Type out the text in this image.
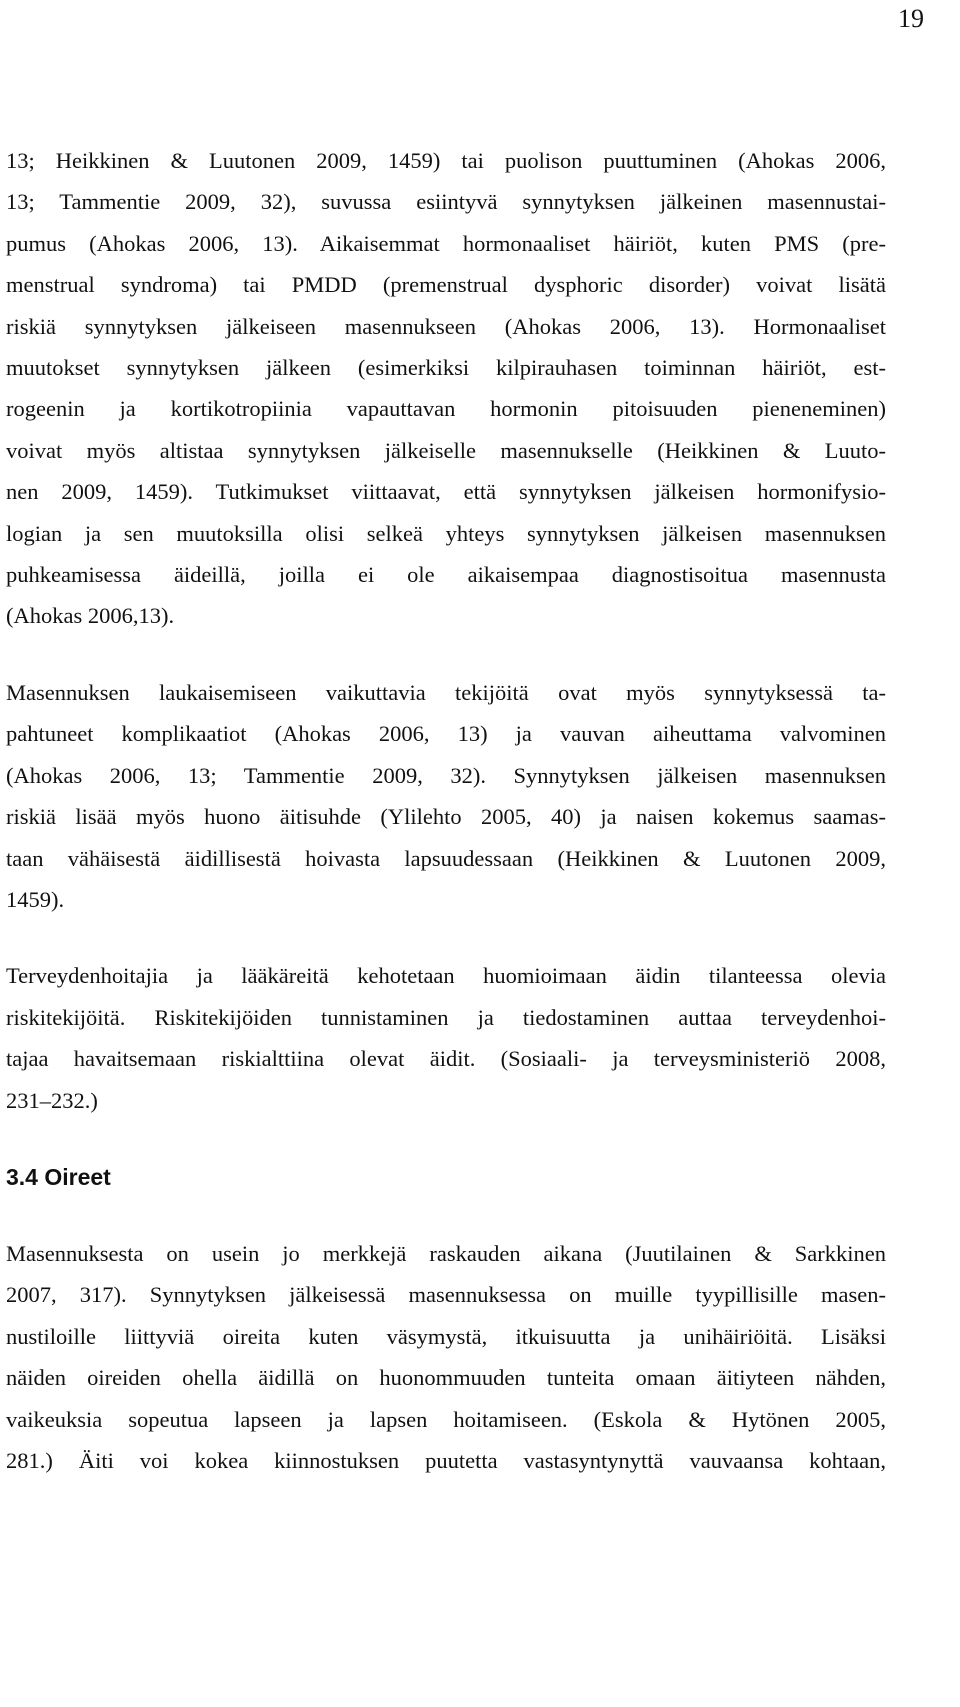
19
13; Heikkinen & Luutonen 2009, 1459) tai puolison puuttuminen (Ahokas 2006,
13; Tammentie 2009, 32), suvussa esiintyvä synnytyksen jälkeinen masennustai-
pumus (Ahokas 2006, 13). Aikaisemmat hormonaaliset häiriöt, kuten PMS (pre-
menstrual syndroma) tai PMDD (premenstrual dysphoric disorder) voivat lisätä
riskiä synnytyksen jälkeiseen masennukseen (Ahokas 2006, 13). Hormonaaliset
muutokset synnytyksen jälkeen (esimerkiksi kilpirauhasen toiminnan häiriöt, est-
rogeenin ja kortikotropiinia vapauttavan hormonin pitoisuuden pieneneminen)
voivat myös altistaa synnytyksen jälkeiselle masennukselle (Heikkinen & Luuto-
nen 2009, 1459). Tutkimukset viittaavat, että synnytyksen jälkeisen hormonifysio-
logian ja sen muutoksilla olisi selkeä yhteys synnytyksen jälkeisen masennuksen
puhkeamisessa äideillä, joilla ei ole aikaisempaa diagnostisoitua masennusta
(Ahokas 2006,13).
Masennuksen laukaisemiseen vaikuttavia tekijöitä ovat myös synnytyksessä ta-
pahtuneet komplikaatiot (Ahokas 2006, 13) ja vauvan aiheuttama valvominen
(Ahokas 2006, 13; Tammentie 2009, 32). Synnytyksen jälkeisen masennuksen
riskiä lisää myös huono äitisuhde (Ylilehto 2005, 40) ja naisen kokemus saamas-
taan vähäisestä äidillisestä hoivasta lapsuudessaan (Heikkinen & Luutonen 2009,
1459).
Terveydenhoitajia ja lääkäreitä kehotetaan huomioimaan äidin tilanteessa olevia
riskitekijöitä. Riskitekijöiden tunnistaminen ja tiedostaminen auttaa terveydenhoi-
tajaa havaitsemaan riskialttiina olevat äidit. (Sosiaali- ja terveysministeriö 2008,
231–232.)
3.4 Oireet
Masennuksesta on usein jo merkkejä raskauden aikana (Juutilainen & Sarkkinen
2007, 317). Synnytyksen jälkeisessä masennuksessa on muille tyypillisille masen-
nustiloille liittyviä oireita kuten väsymystä, itkuisuutta ja unihäiriöitä. Lisäksi
näiden oireiden ohella äidillä on huonommuuden tunteita omaan äitiyteen nähden,
vaikeuksia sopeutua lapseen ja lapsen hoitamiseen. (Eskola & Hytönen 2005,
281.) Äiti voi kokea kiinnostuksen puutetta vastasyntynyttä vauvaansa kohtaan,
